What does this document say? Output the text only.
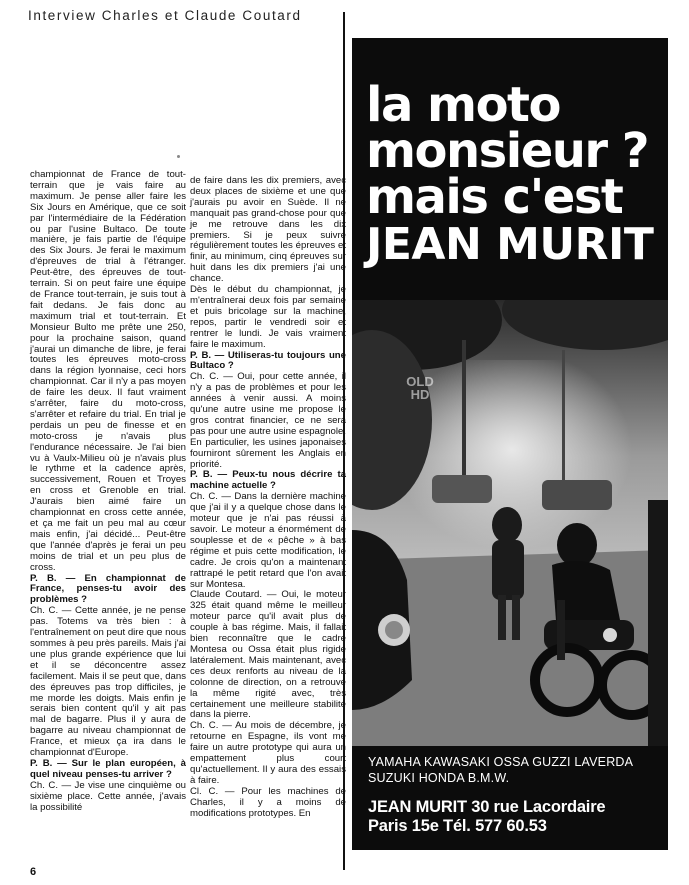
Interview Charles et Claude Coutard

championnat de France de tout-terrain que je vais faire au maximum. Je pense aller faire les Six Jours en Amérique, que ce soit par l'intermédiaire de la Fédération ou par l'usine Bultaco. De toute manière, je fais partie de l'équipe des Six Jours. Je ferai le maximum d'épreuves de trial à l'étranger. Peut-être, des épreuves de tout-terrain. Si on peut faire une équipe de France tout-terrain, je suis tout à fait dedans. Je fais donc au maximum trial et tout-terrain. Et Monsieur Bulto me prête une 250, pour la prochaine saison, quand j'aurai un dimanche de libre, je ferai toutes les épreuves moto-cross dans la région lyonnaise, ceci hors championnat. Car il n'y a pas moyen de faire les deux. Il faut vraiment s'arrêter, faire du moto-cross, s'arrêter et refaire du trial. En trial je perdais un peu de finesse et en moto-cross je n'avais plus l'endurance nécessaire. Je l'ai bien vu à Vaulx-Milieu où je n'avais plus le rythme et la cadence après, successivement, Rouen et Troyes en cross et Grenoble en trial. J'aurais bien aimé faire un championnat en cross cette année, et ça me fait un peu mal au cœur mais enfin, j'ai décidé... Peut-être que l'année d'après je ferai un peu moins de trial et un peu plus de cross.

P. B. — En championnat de France, penses-tu avoir des problèmes ?

Ch. C. — Cette année, je ne pense pas. Totems va très bien : à l'entraînement on peut dire que nous sommes à peu près pareils. Mais j'ai une plus grande expérience que lui et il se déconcentre assez facilement. Mais il se peut que, dans des épreuves pas trop difficiles, je me morde les doigts. Mais enfin je serais bien content qu'il y ait pas mal de bagarre. Plus il y aura de bagarre au niveau championnat de France, et mieux ça ira dans le championnat d'Europe.

P. B. — Sur le plan européen, à quel niveau penses-tu arriver ?

Ch. C. — Je vise une cinquième ou sixième place. Cette année, j'avais la possibilité

de faire dans les dix premiers, avec deux places de sixième et une que j'aurais pu avoir en Suède. Il ne manquait pas grand-chose pour que je me retrouve dans les dix premiers. Si je peux suivre régulièrement toutes les épreuves et finir, au minimum, cinq épreuves sur huit dans les dix premiers j'ai une chance.

Dès le début du championnat, je m'entraînerai deux fois par semaine et puis bricolage sur la machine, repos, partir le vendredi soir et rentrer le lundi. Je vais vraiment faire le maximum.

P. B. — Utiliseras-tu toujours une Bultaco ?

Ch. C. — Oui, pour cette année, il n'y a pas de problèmes et pour les années à venir aussi. A moins qu'une autre usine me propose le gros contrat financier, ce ne sera pas pour une autre usine espagnole. En particulier, les usines japonaises fourniront sûrement les Anglais en priorité.

P. B. — Peux-tu nous décrire ta machine actuelle ?

Ch. C. — Dans la dernière machine que j'ai il y a quelque chose dans le moteur que je n'ai pas réussi à savoir. Le moteur a énormément de souplesse et de « pêche » à bas régime et puis cette modification, le cadre. Je crois qu'on a maintenant rattrapé le petit retard que l'on avait sur Montesa.

Claude Coutard. — Oui, le moteur 325 était quand même le meilleur moteur parce qu'il avait plus de couple à bas régime. Mais, il fallait bien reconnaître que le cadre Montesa ou Ossa était plus rigide latéralement. Mais maintenant, avec ces deux renforts au niveau de la colonne de direction, on a retrouvé la même rigité avec, très certainement une meilleure stabilité dans la pierre.

Ch. C. — Au mois de décembre, je retourne en Espagne, ils vont me faire un autre prototype qui aura un empattement plus court qu'actuellement. Il y aura des essais à faire.

Cl. C. — Pour les machines de Charles, il y a moins de modifications prototypes. En

6
la moto
monsieur ?
mais c'est
JEAN MURIT
YAMAHA KAWASAKI OSSA GUZZI LAVERDA
SUZUKI HONDA B.M.W.
JEAN MURIT 30 rue Lacordaire
Paris 15e Tél. 577 60.53
OLD
HD
